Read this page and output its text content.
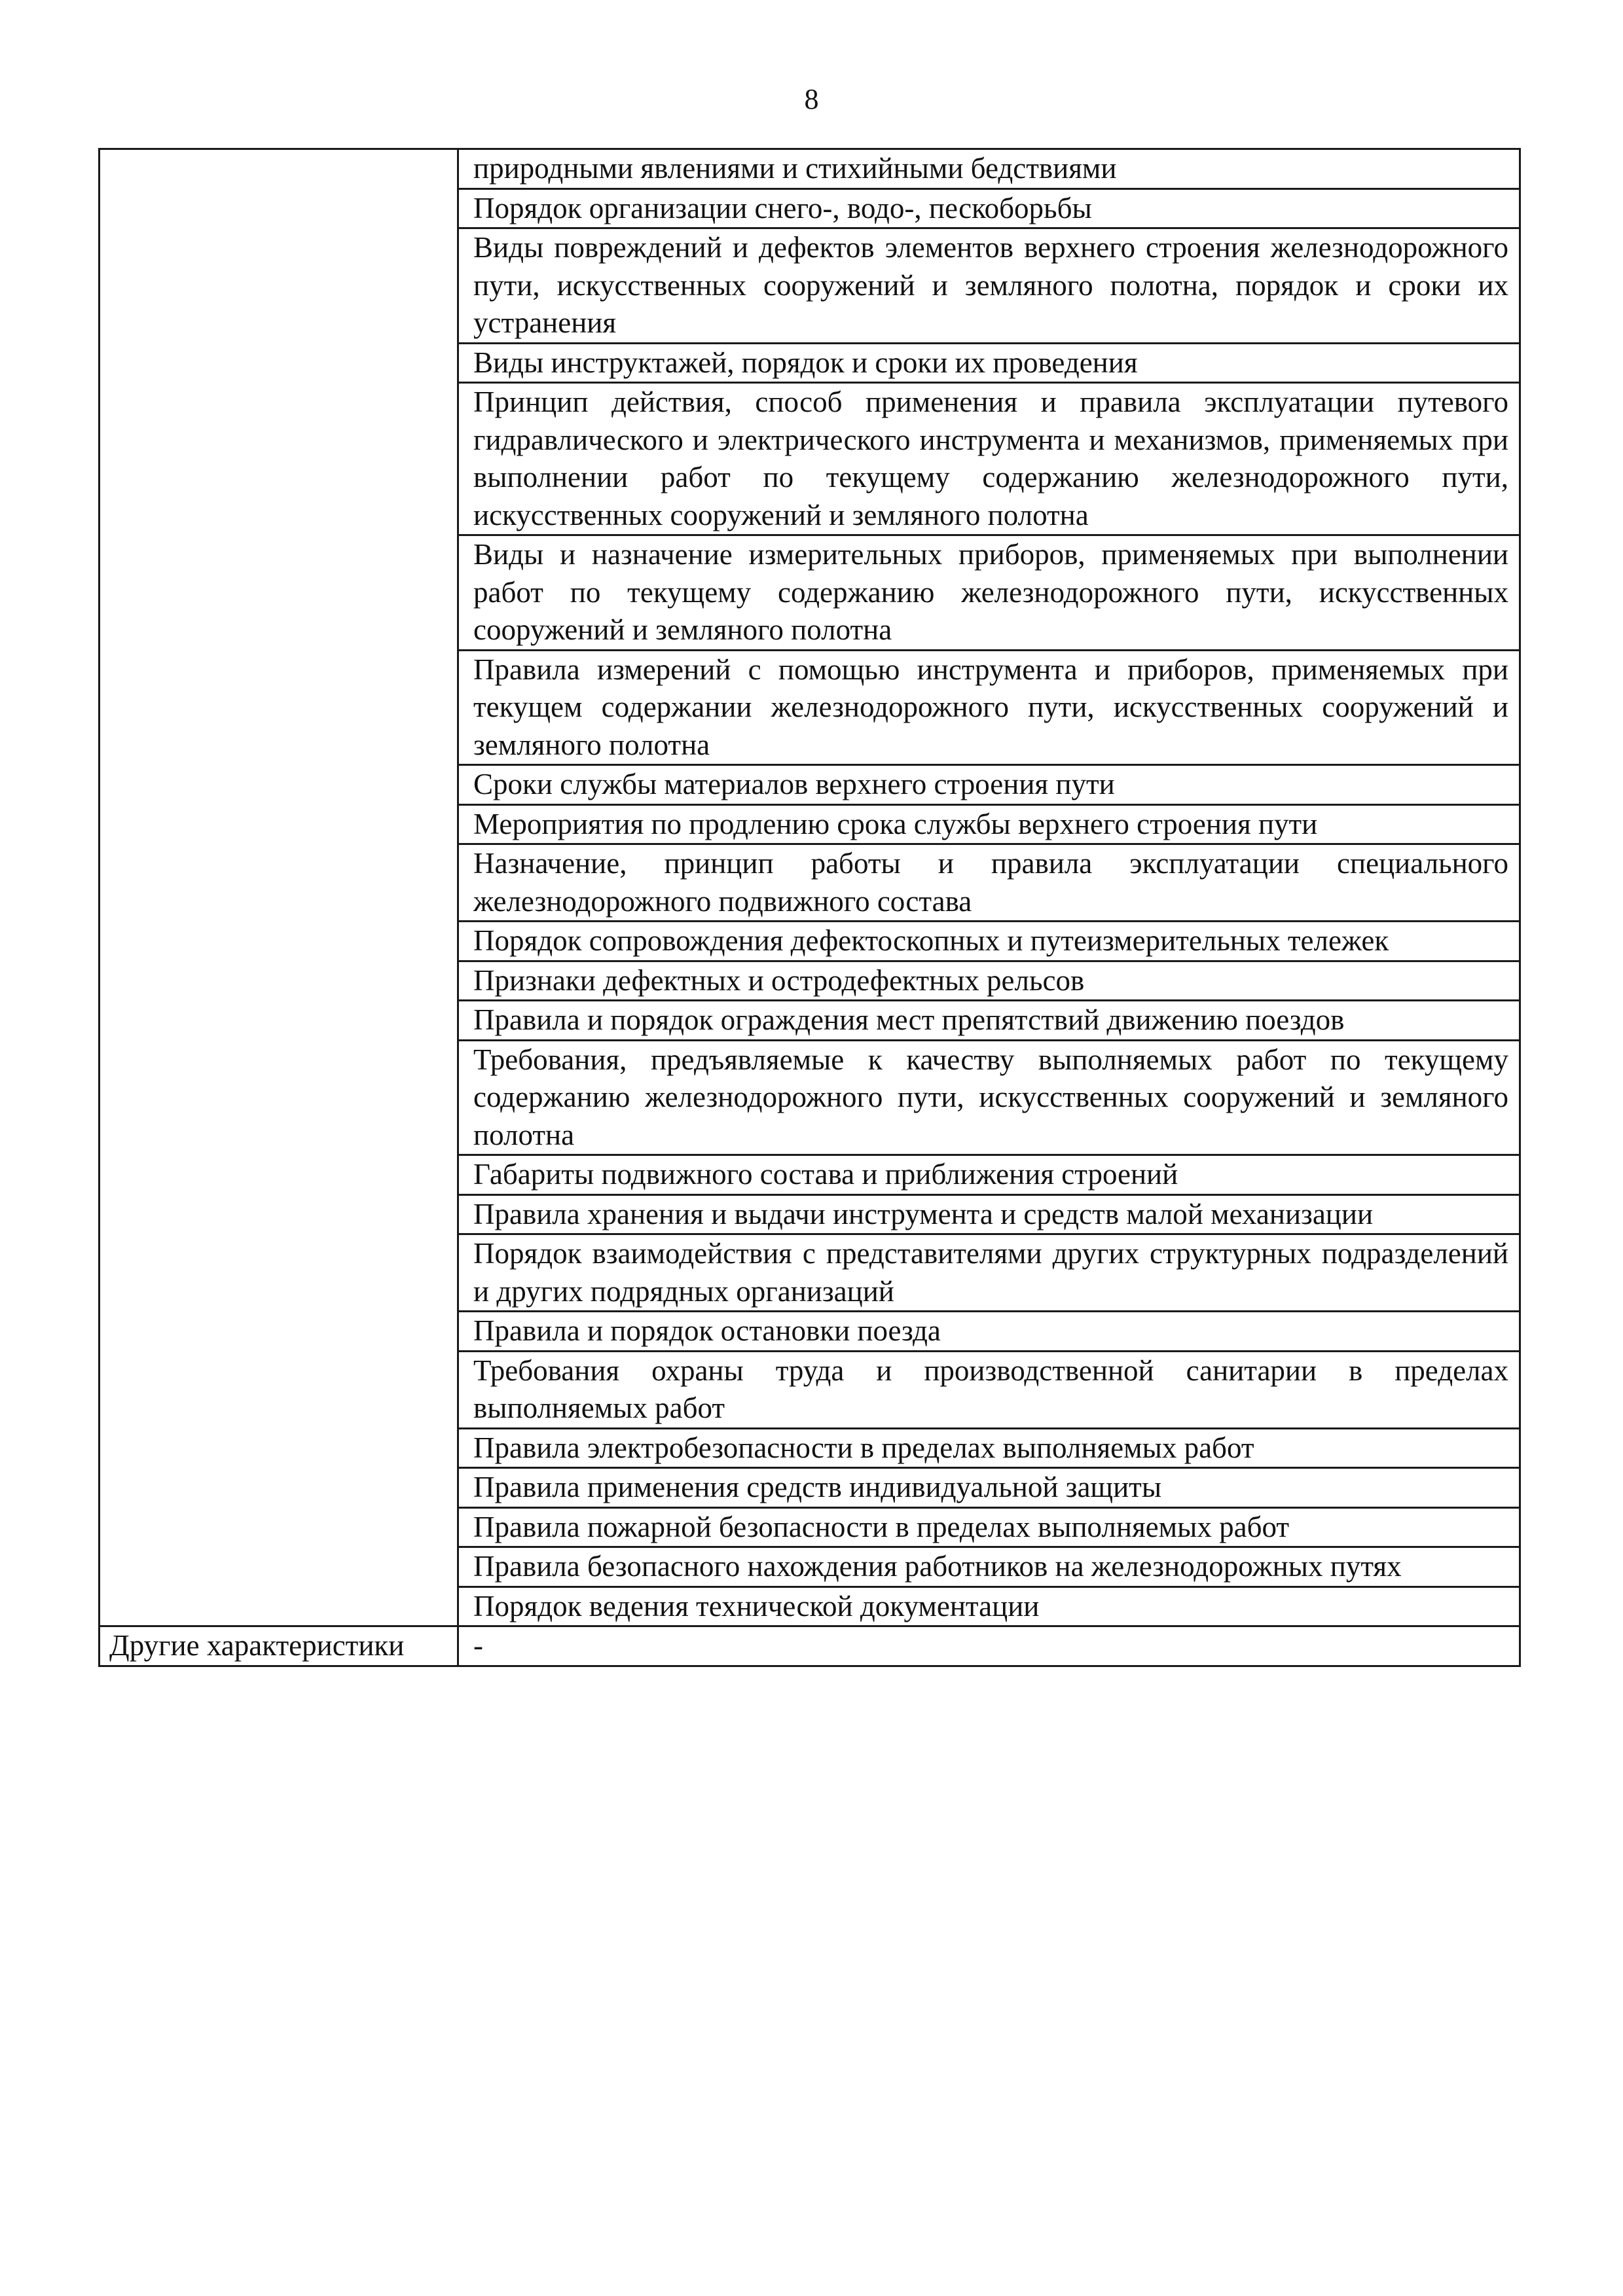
8
	природными явлениями и стихийными бедствиями
	Порядок организации снего-, водо-, пескоборьбы
	Виды повреждений и дефектов элементов верхнего строения железнодорожного пути, искусственных сооружений и земляного полотна, порядок и сроки их устранения
	Виды инструктажей, порядок и сроки их проведения
	Принцип действия, способ применения и правила эксплуатации путевого гидравлического и электрического инструмента и механизмов, применяемых при выполнении работ по текущему содержанию железнодорожного пути, искусственных сооружений и земляного полотна
	Виды и назначение измерительных приборов, применяемых при выполнении работ по текущему содержанию железнодорожного пути, искусственных сооружений и земляного полотна
	Правила измерений с помощью инструмента и приборов, применяемых при текущем содержании железнодорожного пути, искусственных сооружений и земляного полотна
	Сроки службы материалов верхнего строения пути
	Мероприятия по продлению срока службы верхнего строения пути
	Назначение, принцип работы и правила эксплуатации специального железнодорожного подвижного состава
	Порядок сопровождения дефектоскопных и путеизмерительных тележек
	Признаки дефектных и остродефектных рельсов
	Правила и порядок ограждения мест препятствий движению поездов
	Требования, предъявляемые к качеству выполняемых работ по текущему содержанию железнодорожного пути, искусственных сооружений и земляного полотна
	Габариты подвижного состава и приближения строений
	Правила хранения и выдачи инструмента и средств малой механизации
	Порядок взаимодействия с представителями других структурных подразделений и других подрядных организаций
	Правила и порядок остановки поезда
	Требования охраны труда и производственной санитарии в пределах выполняемых работ
	Правила электробезопасности в пределах выполняемых работ
	Правила применения средств индивидуальной защиты
	Правила пожарной безопасности в пределах выполняемых работ
	Правила безопасного нахождения работников на железнодорожных путях
	Порядок ведения технической документации
Другие характеристики	-
